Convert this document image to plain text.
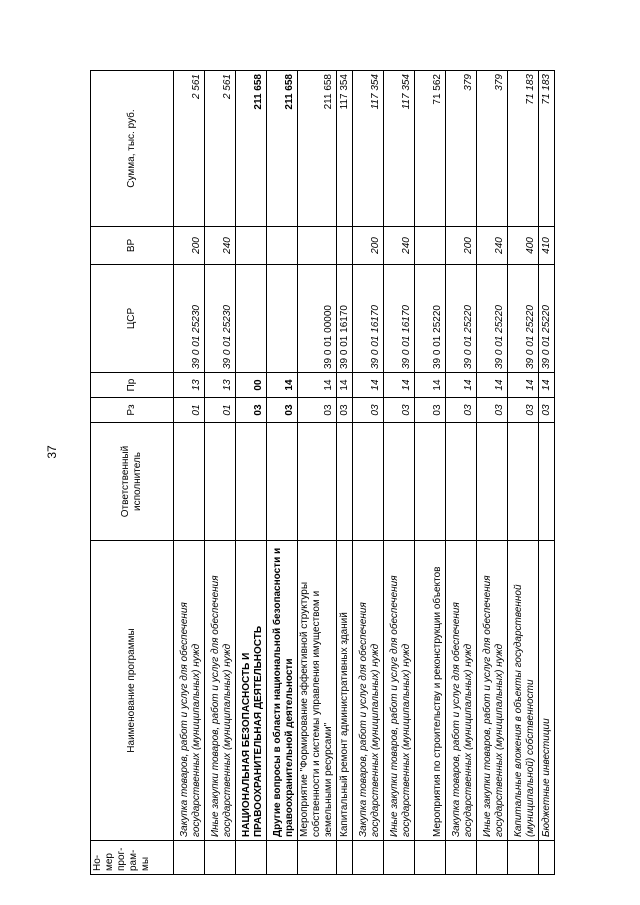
37
Но-мер прог-рам-мы	Наименование программы	Ответственный исполнитель	Рз	Пр	ЦСР	ВР	Сумма, тыс. руб.
	Закупка товаров, работ и услуг для обеспечения государственных (муниципальных) нужд		01	13	39 0 01 25230	200	2 561
	Иные закупки товаров, работ и услуг для обеспечения государственных (муниципальных) нужд		01	13	39 0 01 25230	240	2 561
	НАЦИОНАЛЬНАЯ БЕЗОПАСНОСТЬ И ПРАВООХРАНИТЕЛЬНАЯ ДЕЯТЕЛЬНОСТЬ		03	00			211 658
	Другие вопросы в области национальной безопасности и правоохранительной деятельности		03	14			211 658
	Мероприятие "Формирование эффективной структуры собственности и системы управления имуществом и земельными ресурсами"		03	14	39 0 01 00000		211 658
	Капитальный ремонт административных зданий		03	14	39 0 01 16170		117 354
	Закупка товаров, работ и услуг для обеспечения государственных (муниципальных) нужд		03	14	39 0 01 16170	200	117 354
	Иные закупки товаров, работ и услуг для обеспечения государственных (муниципальных) нужд		03	14	39 0 01 16170	240	117 354
	Мероприятия по строительству и реконструкции объектов		03	14	39 0 01 25220		71 562
	Закупка товаров, работ и услуг для обеспечения государственных (муниципальных) нужд		03	14	39 0 01 25220	200	379
	Иные закупки товаров, работ и услуг для обеспечения государственных (муниципальных) нужд		03	14	39 0 01 25220	240	379
	Капитальные вложения в объекты государственной (муниципальной) собственности		03	14	39 0 01 25220	400	71 183
	Бюджетные инвестиции		03	14	39 0 01 25220	410	71 183
